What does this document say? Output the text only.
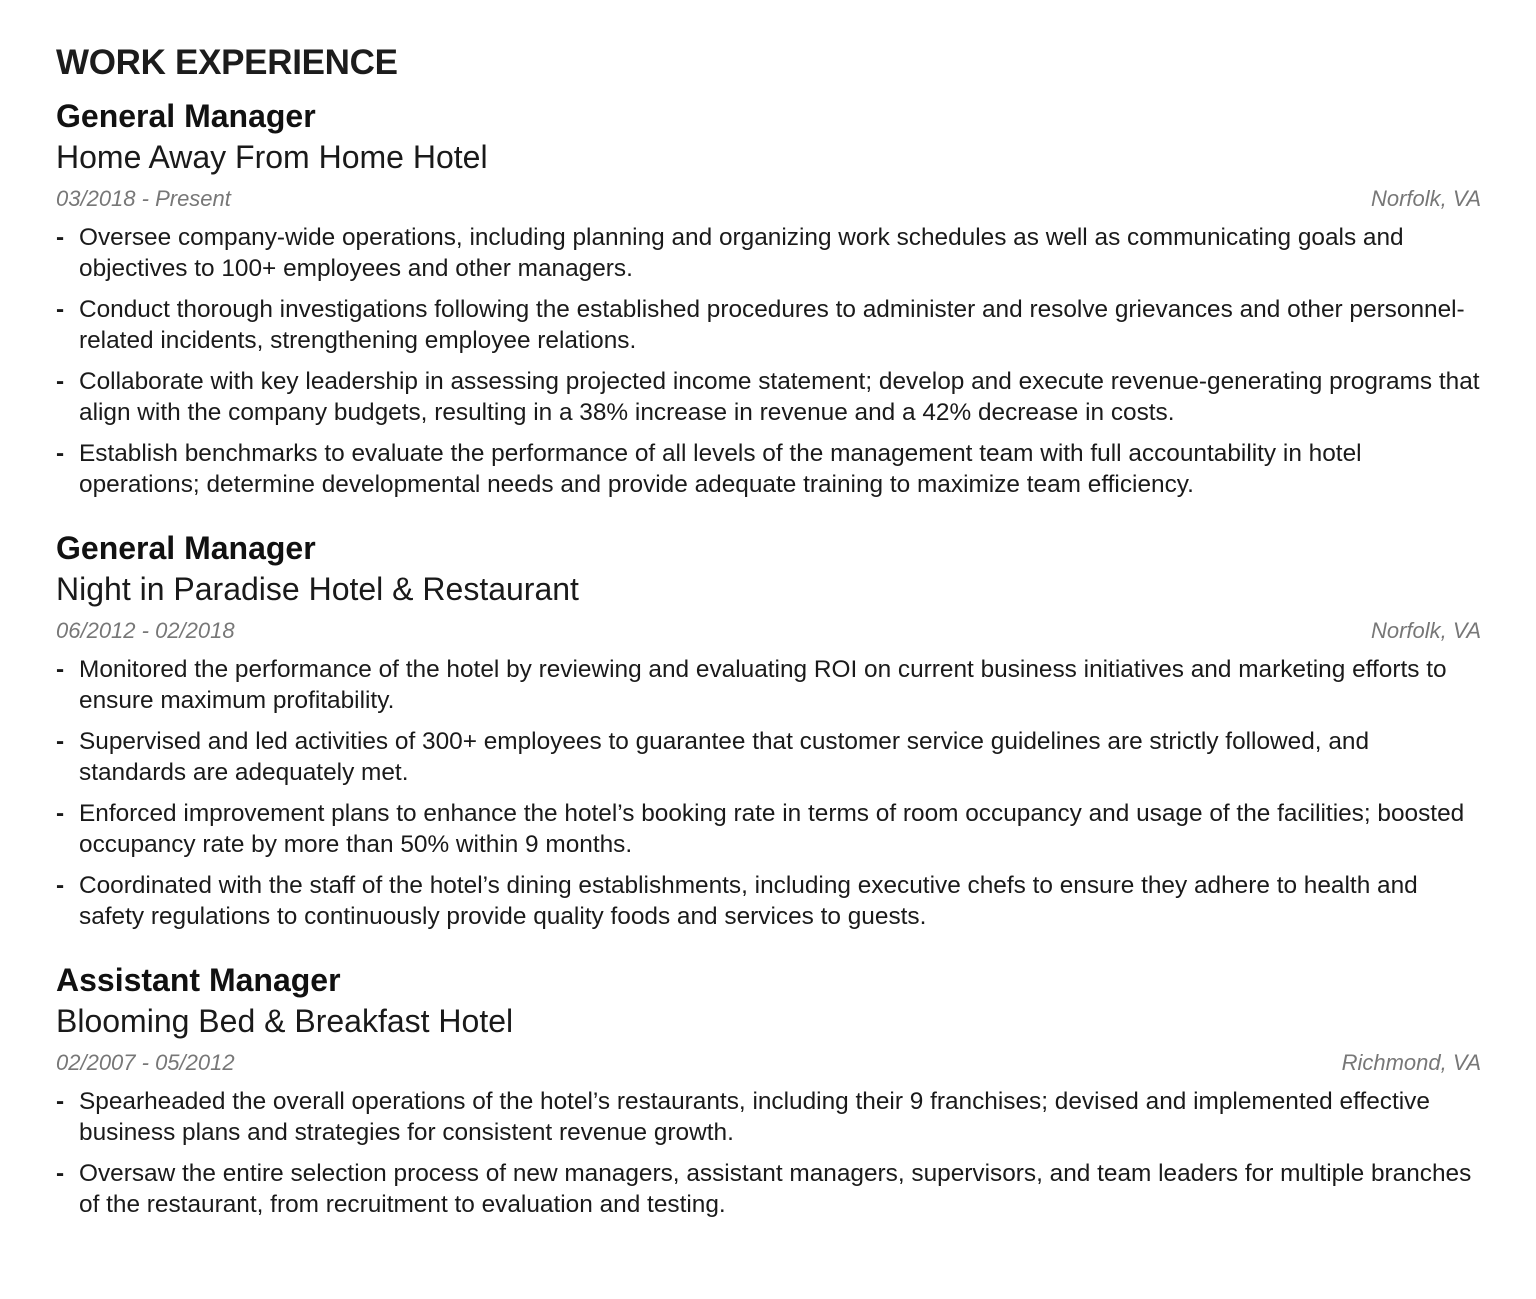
WORK EXPERIENCE
General Manager
Home Away From Home Hotel
03/2018 - Present	Norfolk, VA
- Oversee company-wide operations, including planning and organizing work schedules as well as communicating goals and objectives to 100+ employees and other managers.
- Conduct thorough investigations following the established procedures to administer and resolve grievances and other personnel-related incidents, strengthening employee relations.
- Collaborate with key leadership in assessing projected income statement; develop and execute revenue-generating programs that align with the company budgets, resulting in a 38% increase in revenue and a 42% decrease in costs.
- Establish benchmarks to evaluate the performance of all levels of the management team with full accountability in hotel operations; determine developmental needs and provide adequate training to maximize team efficiency.
General Manager
Night in Paradise Hotel & Restaurant
06/2012 - 02/2018	Norfolk, VA
- Monitored the performance of the hotel by reviewing and evaluating ROI on current business initiatives and marketing efforts to ensure maximum profitability.
- Supervised and led activities of 300+ employees to guarantee that customer service guidelines are strictly followed, and standards are adequately met.
- Enforced improvement plans to enhance the hotel’s booking rate in terms of room occupancy and usage of the facilities; boosted occupancy rate by more than 50% within 9 months.
- Coordinated with the staff of the hotel’s dining establishments, including executive chefs to ensure they adhere to health and safety regulations to continuously provide quality foods and services to guests.
Assistant Manager
Blooming Bed & Breakfast Hotel
02/2007 - 05/2012	Richmond, VA
- Spearheaded the overall operations of the hotel’s restaurants, including their 9 franchises; devised and implemented effective business plans and strategies for consistent revenue growth.
- Oversaw the entire selection process of new managers, assistant managers, supervisors, and team leaders for multiple branches of the restaurant, from recruitment to evaluation and testing.
